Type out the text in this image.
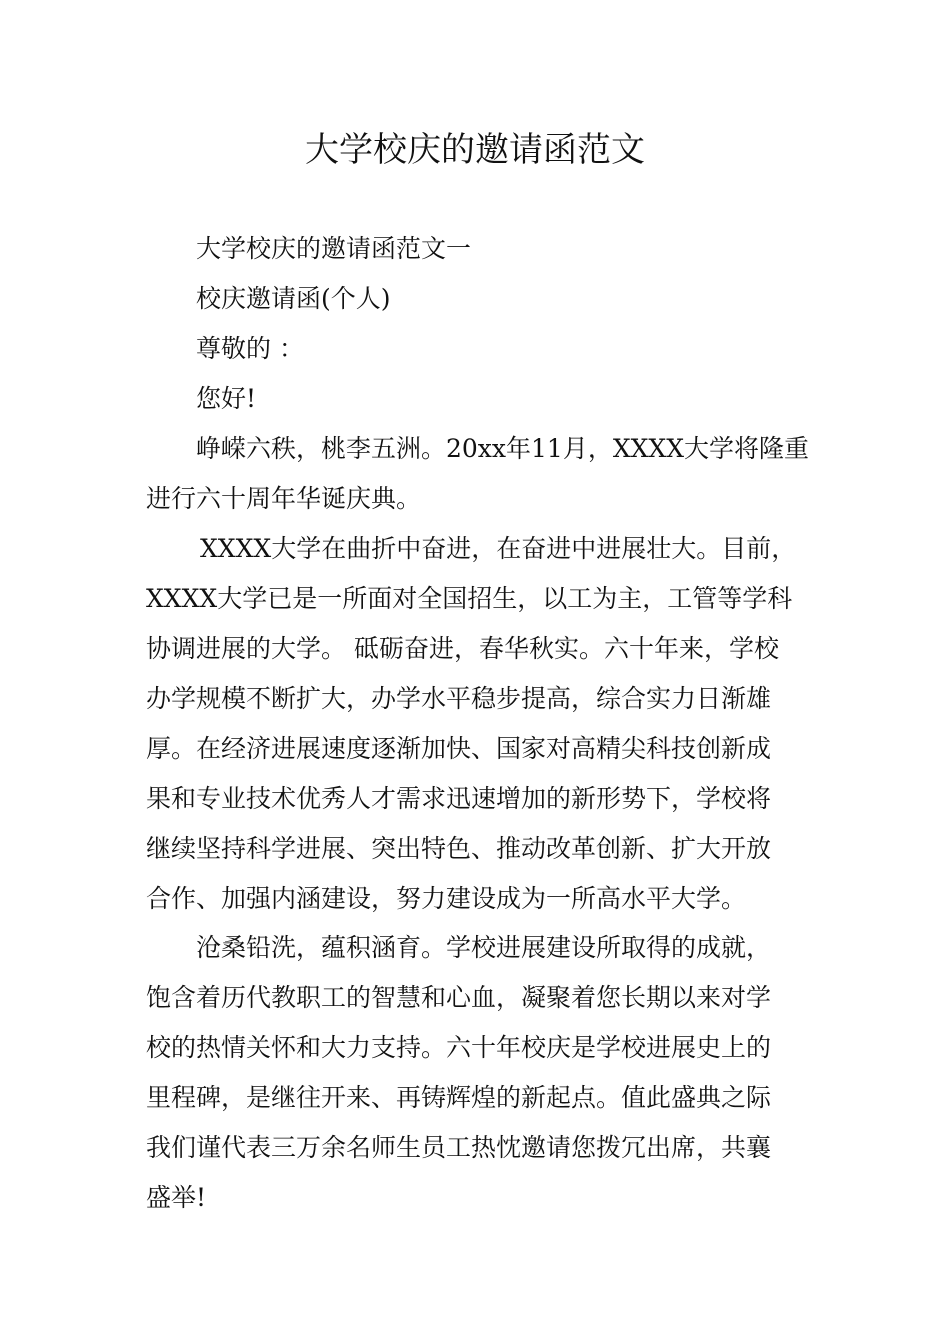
大学校庆的邀请函范文
大学校庆的邀请函范文一
校庆邀请函(个人)
尊敬的 ：
您好!
峥嵘六秩，桃李五洲。20xx年11月，XXXX大学将隆重
进行六十周年华诞庆典。
XXXX大学在曲折中奋进，在奋进中进展壮大。目前，
XXXX大学已是一所面对全国招生，以工为主，工管等学科
协调进展的大学。 砥砺奋进，春华秋实。六十年来，学校
办学规模不断扩大，办学水平稳步提高，综合实力日渐雄
厚。在经济进展速度逐渐加快、国家对高精尖科技创新成
果和专业技术优秀人才需求迅速增加的新形势下，学校将
继续坚持科学进展、突出特色、推动改革创新、扩大开放
合作、加强内涵建设，努力建设成为一所高水平大学。
沧桑铅洗，蕴积涵育。学校进展建设所取得的成就，
饱含着历代教职工的智慧和心血，凝聚着您长期以来对学
校的热情关怀和大力支持。六十年校庆是学校进展史上的
里程碑，是继往开来、再铸辉煌的新起点。值此盛典之际
我们谨代表三万余名师生员工热忱邀请您拨冗出席，共襄
盛举!
